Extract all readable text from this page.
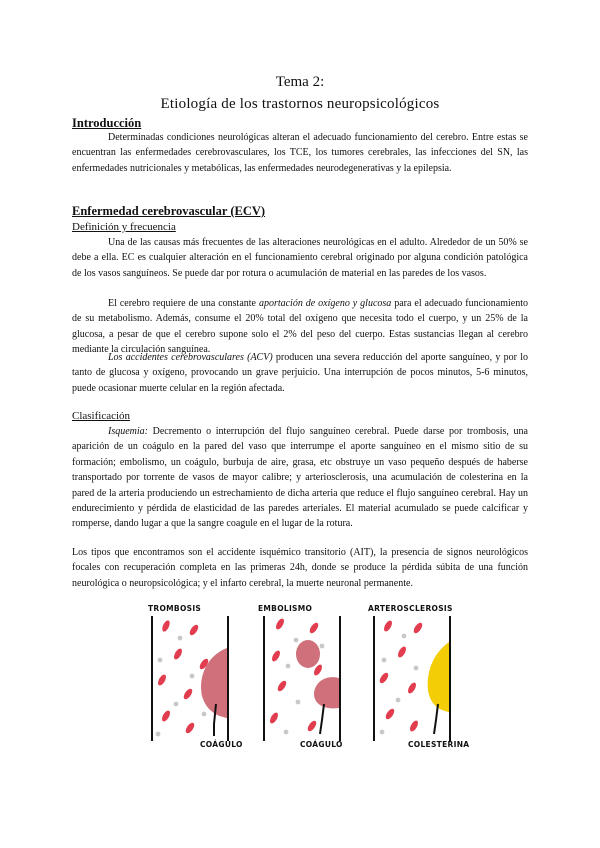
Tema 2:
Etiología de los trastornos neuropsicológicos
Introducción

Determinadas condiciones neurológicas alteran el adecuado funcionamiento del cerebro. Entre estas se encuentran las enfermedades cerebrovasculares, los TCE, los tumores cerebrales, las infecciones del SN, las enfermedades nutricionales y metabólicas, las enfermedades neurodegenerativas y la epilepsia.

Enfermedad cerebrovascular (ECV)
Definición y frecuencia

Una de las causas más frecuentes de las alteraciones neurológicas en el adulto. Alrededor de un 50% se debe a ella. EC es cualquier alteración en el funcionamiento cerebral originado por alguna condición patológica de los vasos sanguíneos. Se puede dar por rotura o acumulación de material en las paredes de los vasos.

El cerebro requiere de una constante aportación de oxígeno y glucosa para el adecuado funcionamiento de su metabolismo. Además, consume el 20% total del oxígeno que necesita todo el cuerpo, y un 25% de la glucosa, a pesar de que el cerebro supone solo el 2% del peso del cuerpo. Estas sustancias llegan al cerebro mediante la circulación sanguínea.

Los accidentes cerebrovasculares (ACV) producen una severa reducción del aporte sanguíneo, y por lo tanto de glucosa y oxígeno, provocando un grave perjuicio. Una interrupción de pocos minutos, 5-6 minutos, puede ocasionar muerte celular en la región afectada.

Clasificación

Isquemia: Decremento o interrupción del flujo sanguíneo cerebral. Puede darse por trombosis, una aparición de un coágulo en la pared del vaso que interrumpe el aporte sanguíneo en el mismo sitio de su formación; embolismo, un coágulo, burbuja de aire, grasa, etc obstruye un vaso pequeño después de haberse transportado por torrente de vasos de mayor calibre; y arteriosclerosis, una acumulación de colesterina en la pared de la arteria produciendo un estrechamiento de dicha arteria que reduce el flujo sanguíneo cerebral. Hay un endurecimiento y pérdida de elasticidad de las paredes arteriales. El material acumulado se puede calcificar y romperse, dando lugar a que la sangre coagule en el lugar de la rotura.

Los tipos que encontramos son el accidente isquémico transitorio (AIT), la presencia de signos neurológicos focales con recuperación completa en las primeras 24h, donde se produce la pérdida súbita de una función neurológica o neuropsicológica; y el infarto cerebral, la muerte neuronal permanente.

TROMBOSIS	EMBOLISMO	ARTEROSCLEROSIS
COÁGULO	COÁGULO	COLESTERINA
